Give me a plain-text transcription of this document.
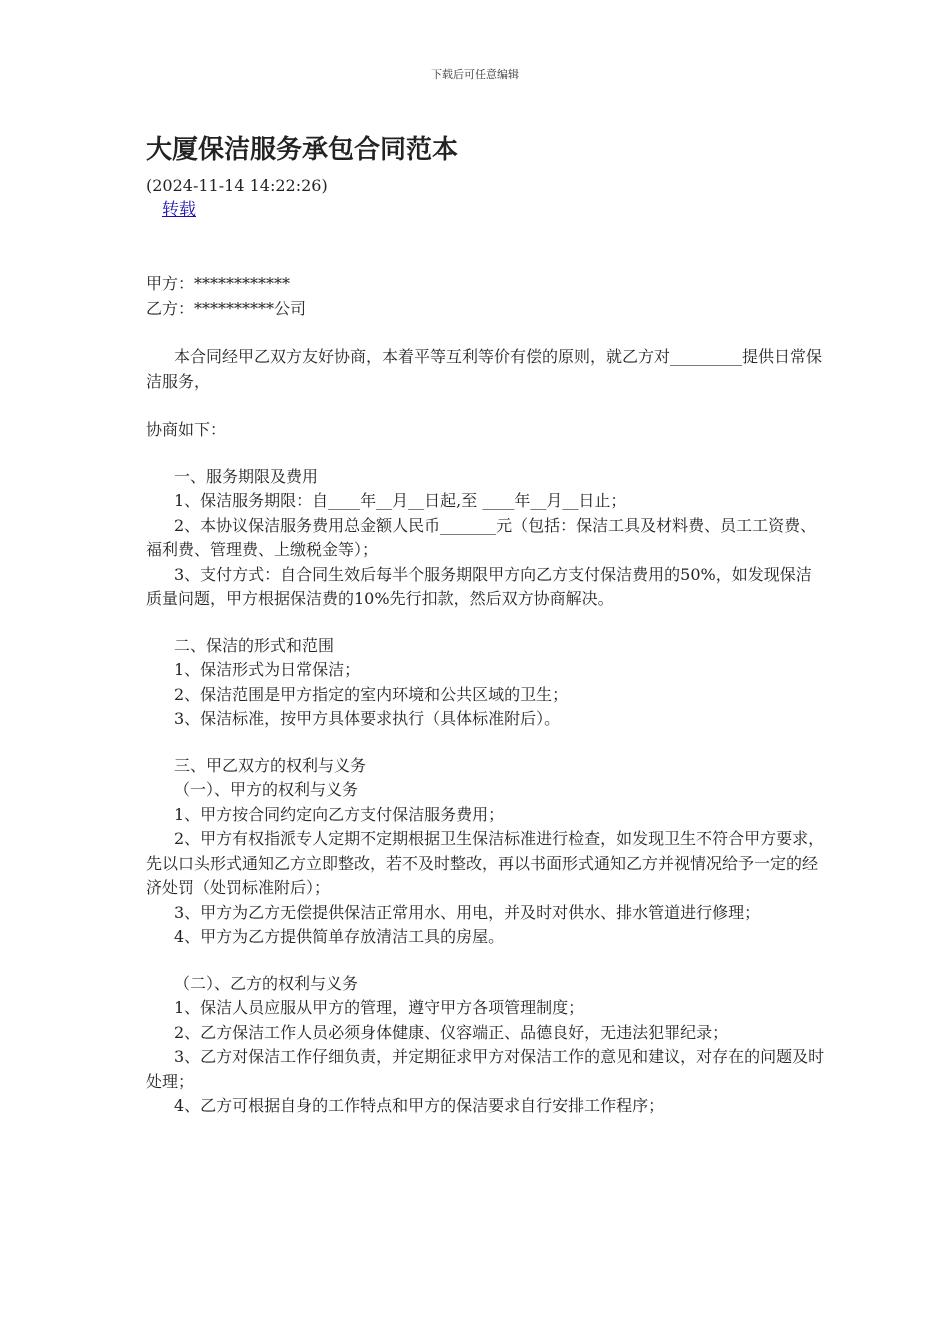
下载后可任意编辑
大厦保洁服务承包合同范本
(2024-11-14 14:22:26)
转载

甲方：************

乙方：**********公司

本合同经甲乙双方友好协商，本着平等互利等价有偿的原则，就乙方对_________提供日常保洁服务，

协商如下：

一、服务期限及费用

1、保洁服务期限：自____年__月__日起,至 ____年__月__日止；

2、本协议保洁服务费用总金额人民币_______元（包括：保洁工具及材料费、员工工资费、福利费、管理费、上缴税金等）；

3、支付方式：自合同生效后每半个服务期限甲方向乙方支付保洁费用的50%，如发现保洁质量问题，甲方根据保洁费的10%先行扣款，然后双方协商解决。

二、保洁的形式和范围

1、保洁形式为日常保洁；

2、保洁范围是甲方指定的室内环境和公共区域的卫生；

3、保洁标准，按甲方具体要求执行（具体标准附后）。

三、甲乙双方的权利与义务

（一）、甲方的权利与义务

1、甲方按合同约定向乙方支付保洁服务费用；

2、甲方有权指派专人定期不定期根据卫生保洁标准进行检查，如发现卫生不符合甲方要求，先以口头形式通知乙方立即整改，若不及时整改，再以书面形式通知乙方并视情况给予一定的经济处罚（处罚标准附后）；

3、甲方为乙方无偿提供保洁正常用水、用电，并及时对供水、排水管道进行修理；

4、甲方为乙方提供简单存放清洁工具的房屋。

（二）、乙方的权利与义务

1、保洁人员应服从甲方的管理，遵守甲方各项管理制度；

2、乙方保洁工作人员必须身体健康、仪容端正、品德良好，无违法犯罪纪录；

3、乙方对保洁工作仔细负责，并定期征求甲方对保洁工作的意见和建议，对存在的问题及时处理；

4、乙方可根据自身的工作特点和甲方的保洁要求自行安排工作程序；
